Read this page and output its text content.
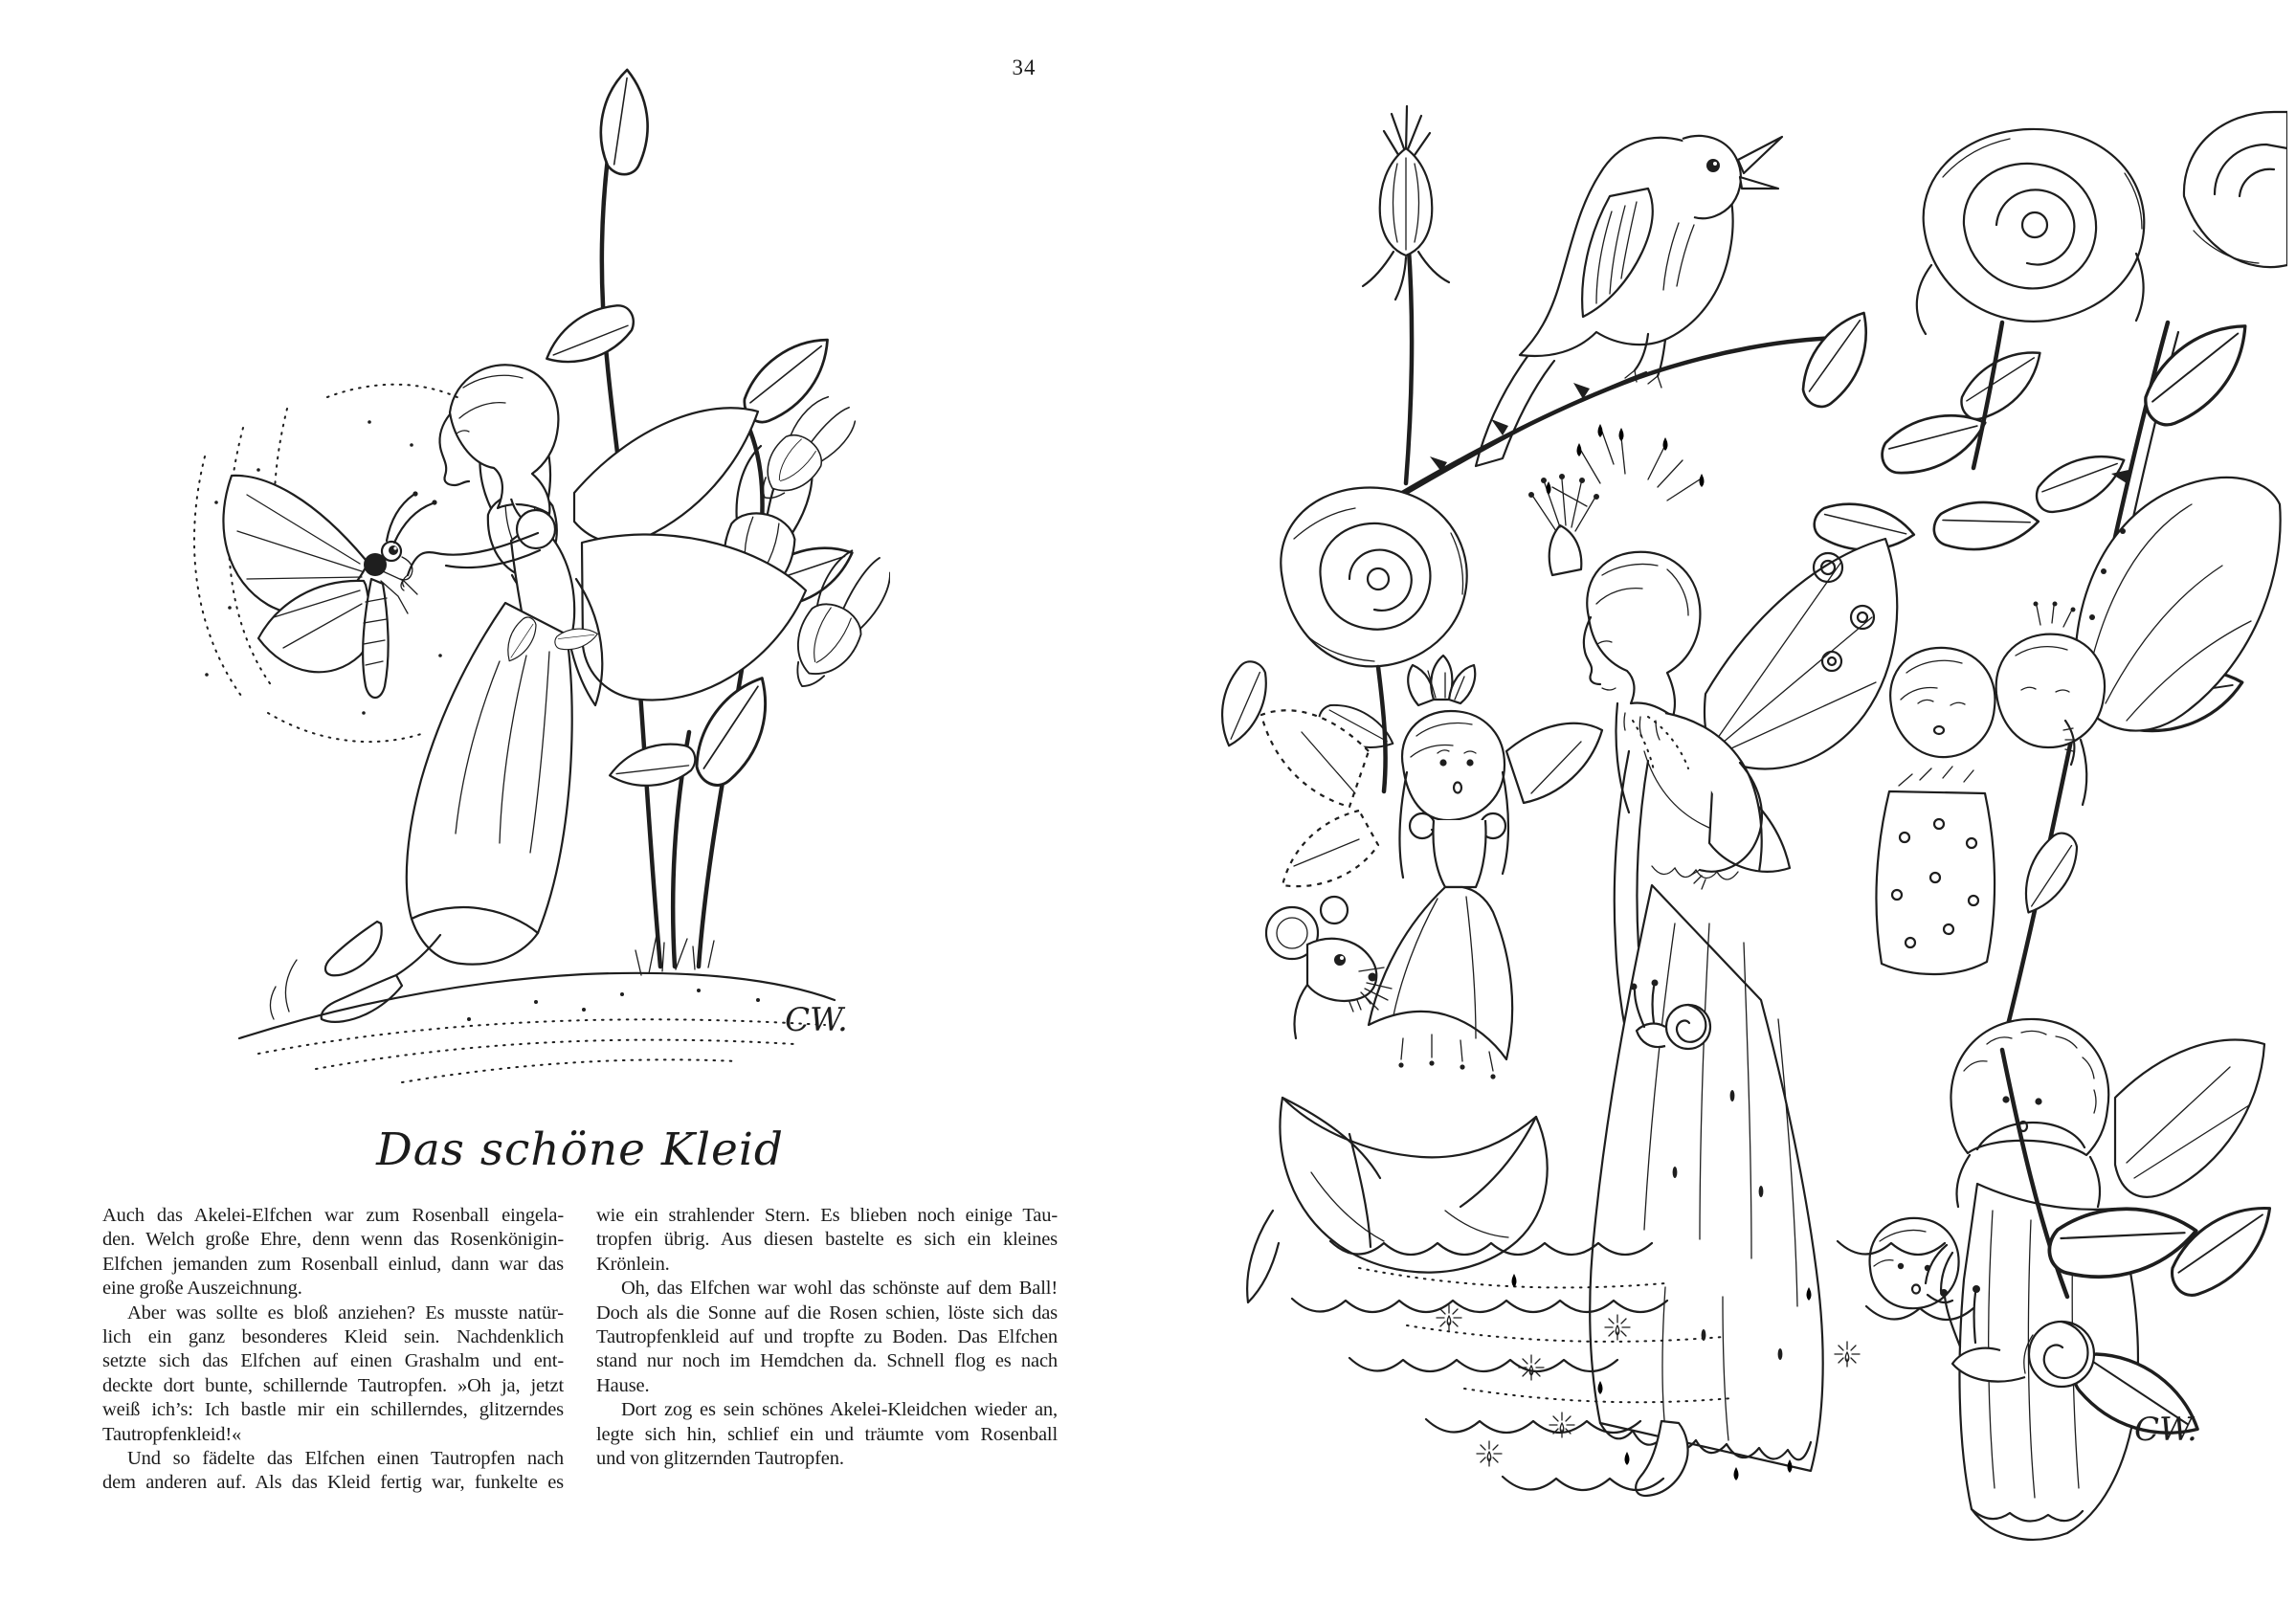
34
CW.
Das schöne Kleid
Auch das Akelei-Elfchen war zum Rosenball eingela-
den. Welch große Ehre, denn wenn das Rosenkönigin-
Elfchen jemanden zum Rosenball einlud, dann war das
eine große Auszeichnung.
Aber was sollte es bloß anziehen? Es musste natür-
lich ein ganz besonderes Kleid sein. Nachdenklich
setzte sich das Elfchen auf einen Grashalm und ent-
deckte dort bunte, schillernde Tautropfen. »Oh ja, jetzt
weiß ich’s: Ich bastle mir ein schillerndes, glitzerndes
Tautropfenkleid!«
Und so fädelte das Elfchen einen Tautropfen nach
dem anderen auf. Als das Kleid fertig war, funkelte es
wie ein strahlender Stern. Es blieben noch einige Tau-
tropfen übrig. Aus diesen bastelte es sich ein kleines
Krönlein.
Oh, das Elfchen war wohl das schönste auf dem Ball!
Doch als die Sonne auf die Rosen schien, löste sich das
Tautropfenkleid auf und tropfte zu Boden. Das Elfchen
stand nur noch im Hemdchen da. Schnell flog es nach
Hause.
Dort zog es sein schönes Akelei-Kleidchen wieder an,
legte sich hin, schlief ein und träumte vom Rosenball
und von glitzernden Tautropfen.
CW.
